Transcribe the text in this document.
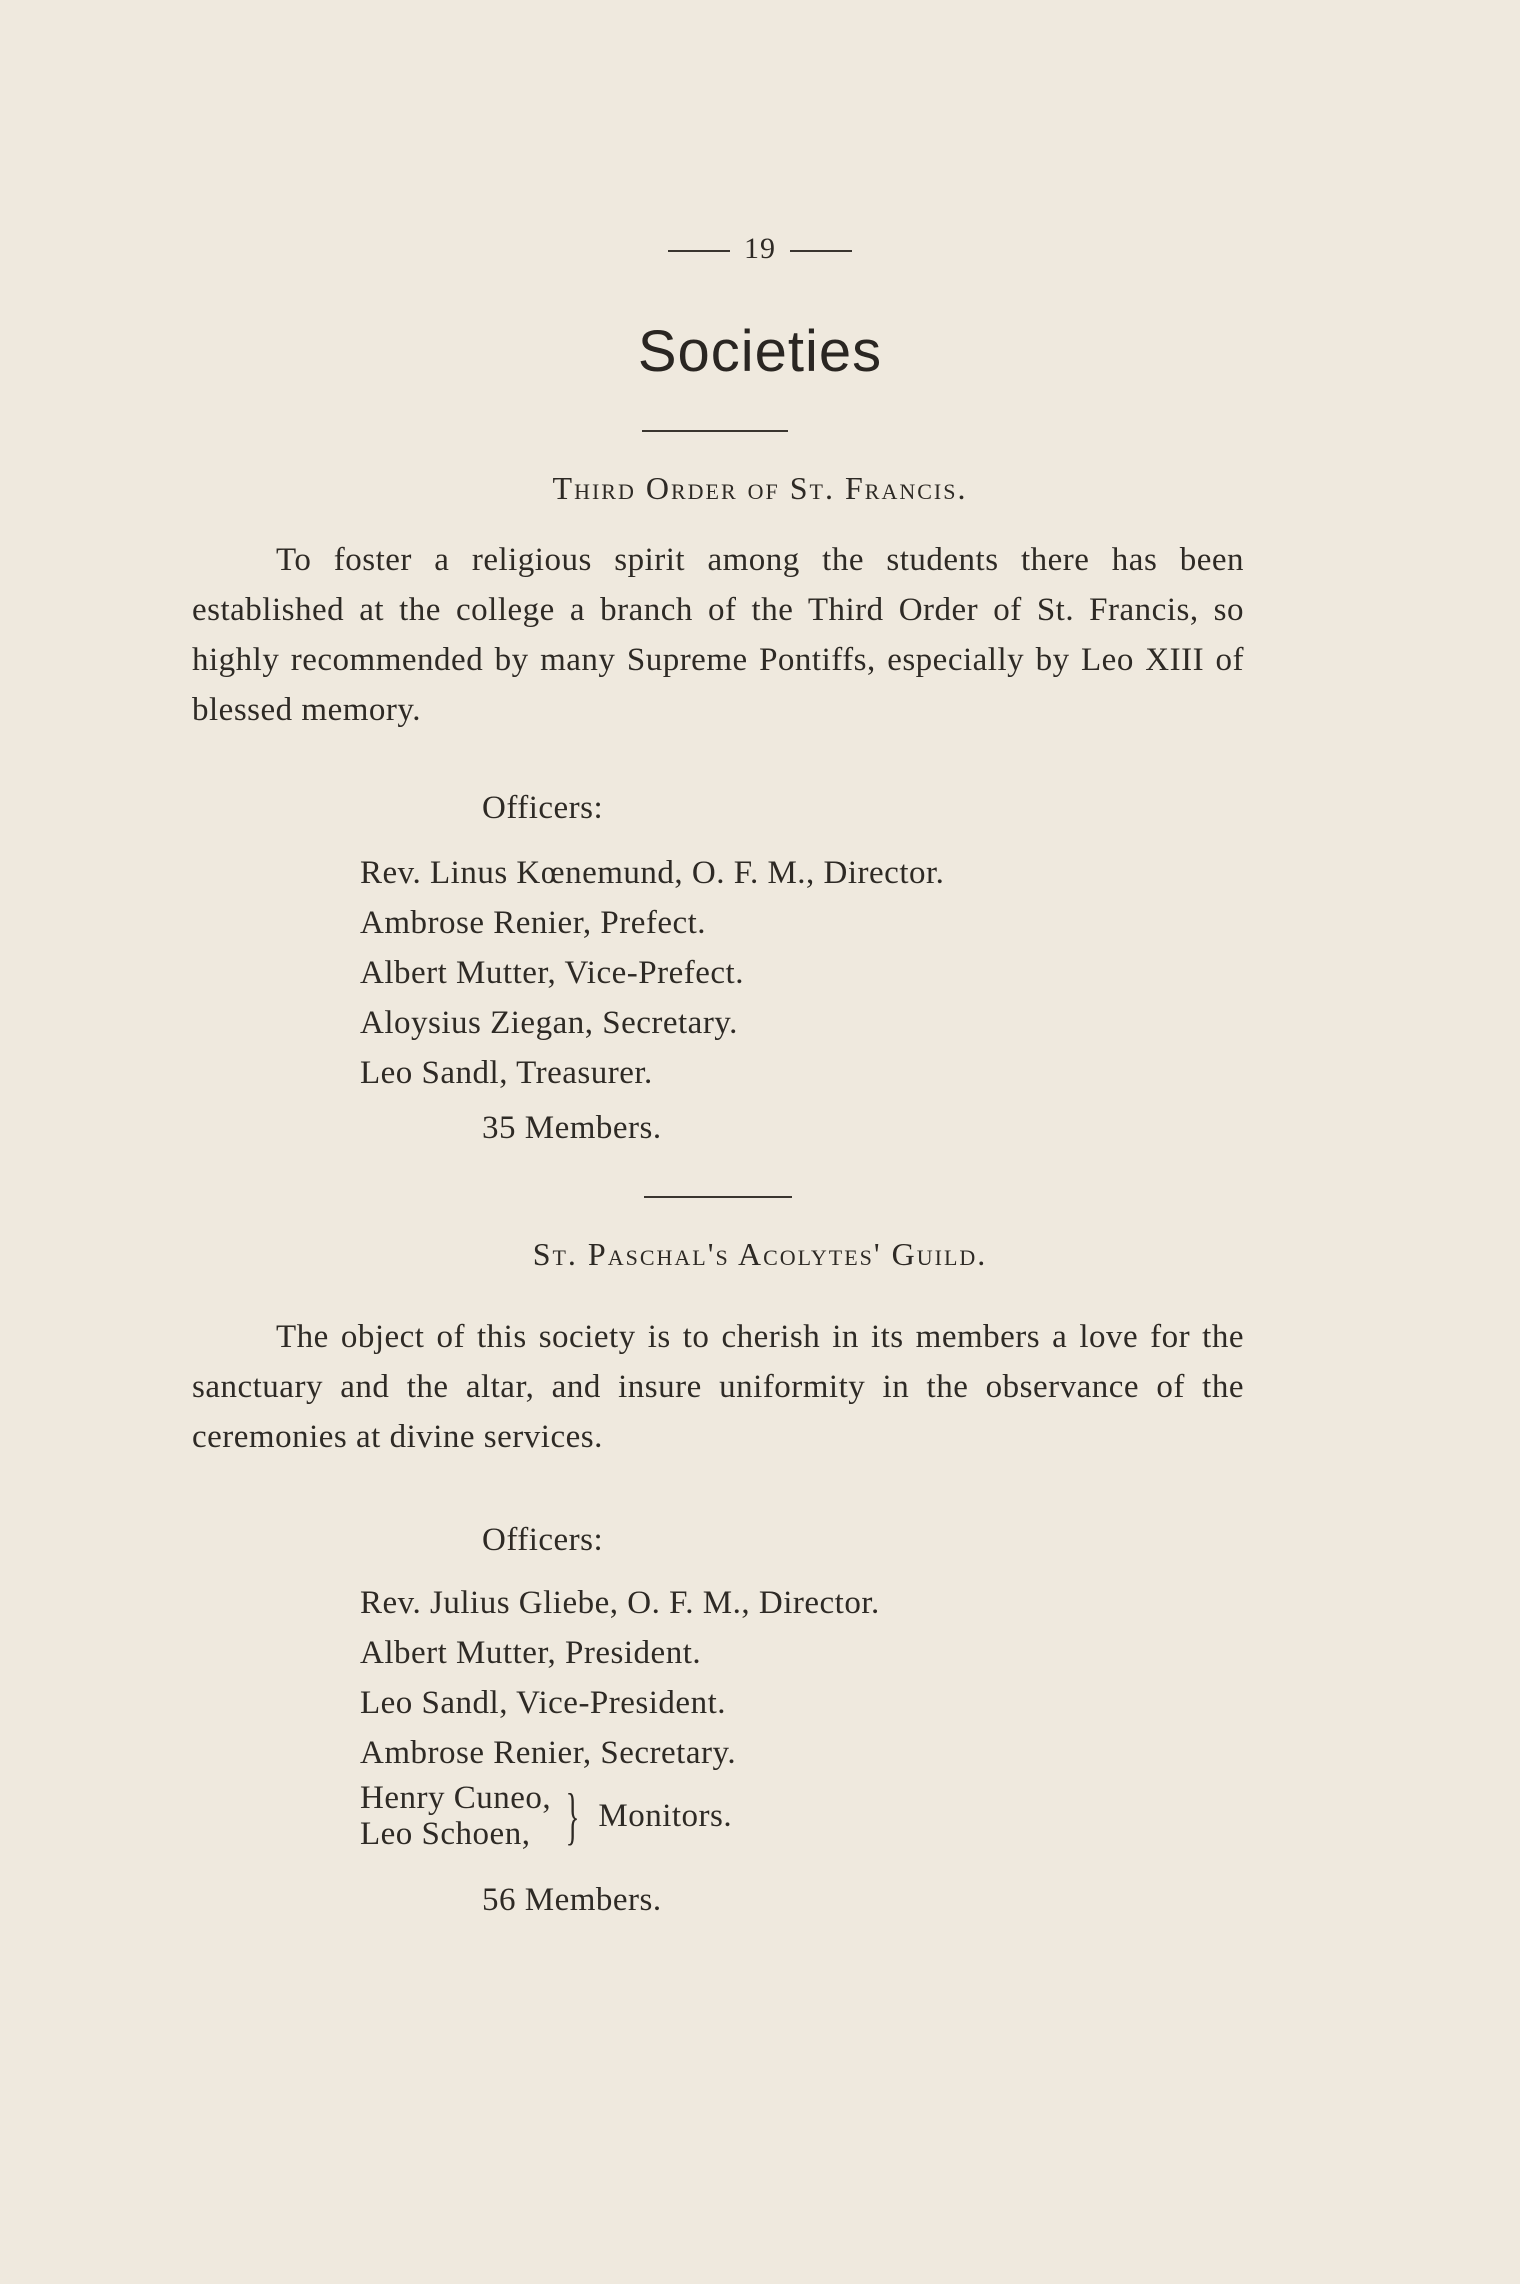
19
Societies
Third Order of St. Francis.
To foster a religious spirit among the students there has been established at the college a branch of the Third Order of St. Francis, so highly recommended by many Supreme Pontiffs, especially by Leo XIII of blessed memory.
Officers:
Rev. Linus Kœnemund, O. F. M., Director.
Ambrose Renier, Prefect.
Albert Mutter, Vice-Prefect.
Aloysius Ziegan, Secretary.
Leo Sandl, Treasurer.
35 Members.
St. Paschal's Acolytes' Guild.
The object of this society is to cherish in its members a love for the sanctuary and the altar, and insure uniformity in the observance of the ceremonies at divine services.
Officers:
Rev. Julius Gliebe, O. F. M., Director.
Albert Mutter, President.
Leo Sandl, Vice-President.
Ambrose Renier, Secretary.
Henry Cuneo,
Leo Schoen, } Monitors.
56 Members.
